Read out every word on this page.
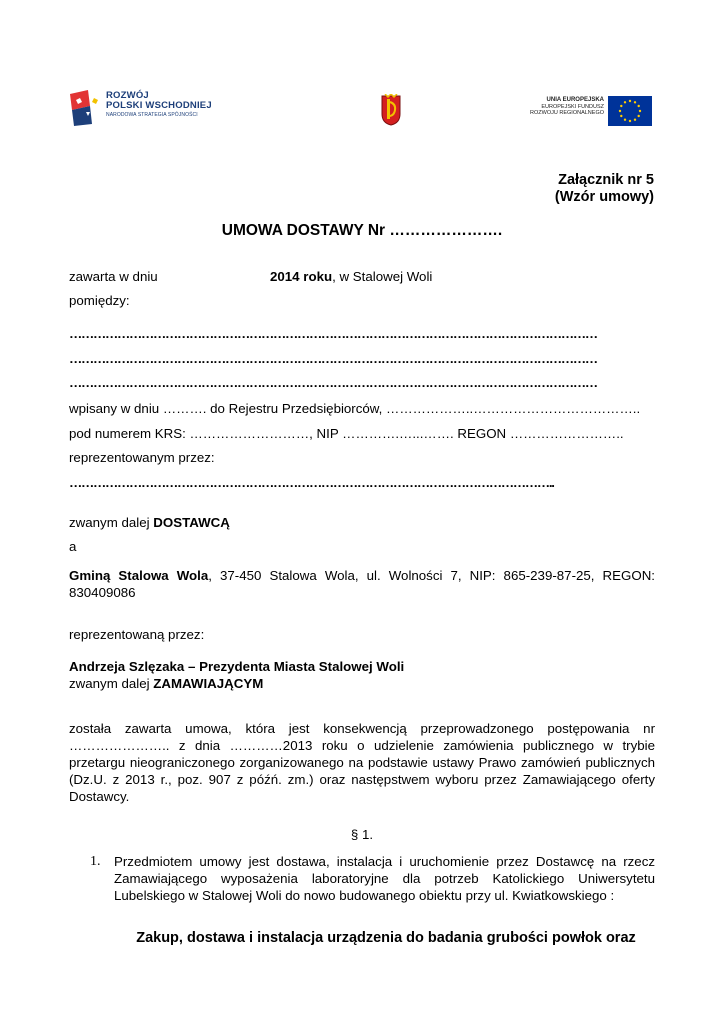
ROZWÓJ
POLSKI WSCHODNIEJ
NARODOWA STRATEGIA SPÓJNOŚCI
UNIA EUROPEJSKA
EUROPEJSKI FUNDUSZ
ROZWOJU REGIONALNEGO
Załącznik nr 5
(Wzór umowy)
UMOWA DOSTAWY Nr ………………….
zawarta w dniu	2014 roku, w Stalowej Woli
pomiędzy:
……………………………………………………………………………………………………………………
……………………………………………………………………………………………………………………
……………………………………………………………………………………………………………………
wpisany w dniu ………. do Rejestru Przedsiębiorców, ………………..………………………………..
pod numerem KRS: ………………………, NIP ………….…...……. REGON ……………………..
reprezentowanym przez:
…………………………………………………………………………………………………………..
zwanym dalej DOSTAWCĄ
a
Gminą Stalowa Wola, 37-450 Stalowa Wola, ul. Wolności 7, NIP: 865-239-87-25, REGON: 830409086
reprezentowaną przez:
Andrzeja Szlęzaka – Prezydenta Miasta Stalowej Woli
zwanym dalej ZAMAWIAJĄCYM
została zawarta umowa, która jest konsekwencją przeprowadzonego postępowania nr ………………….. z dnia …………2013 roku o udzielenie zamówienia publicznego w trybie przetargu nieograniczonego zorganizowanego na podstawie ustawy Prawo zamówień publicznych (Dz.U. z 2013 r., poz. 907 z późń. zm.) oraz następstwem wyboru przez Zamawiającego oferty Dostawcy.
§ 1.
1. Przedmiotem umowy jest dostawa, instalacja i uruchomienie przez Dostawcę na rzecz Zamawiającego wyposażenia laboratoryjne dla potrzeb Katolickiego Uniwersytetu Lubelskiego w Stalowej Woli do nowo budowanego obiektu przy ul. Kwiatkowskiego :
Zakup, dostawa i instalacja urządzenia do badania grubości powłok oraz
